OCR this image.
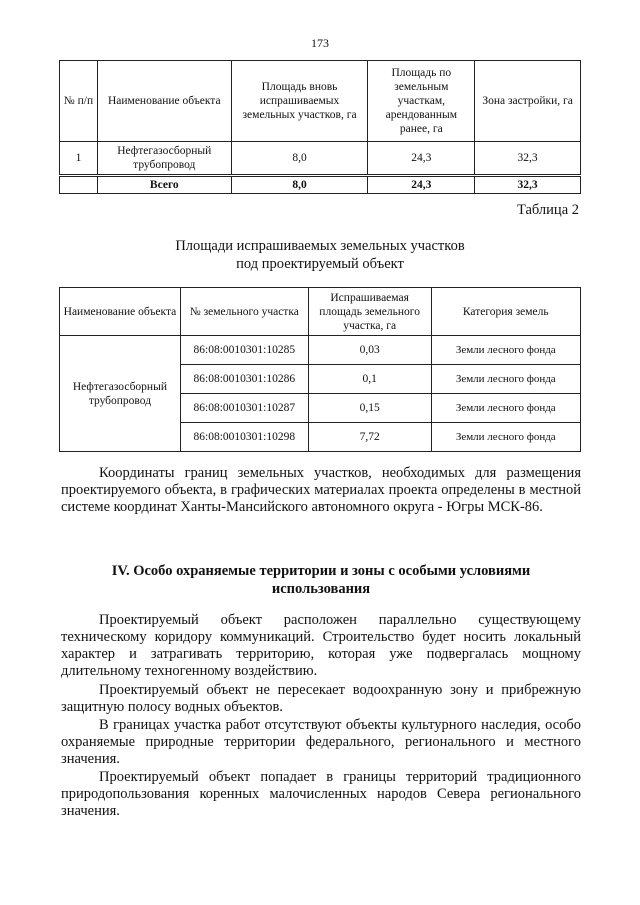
173
№ п/п	Наименование объекта	Площадь вновь испрашиваемых земельных участков, га	Площадь по земельным участкам, арендованным ранее, га	Зона застройки, га
1	Нефтегазосборный трубопровод	8,0	24,3	32,3
	Всего	8,0	24,3	32,3
Таблица 2
Площади испрашиваемых земельных участков
под проектируемый объект
Наименование объекта	№ земельного участка	Испрашиваемая площадь земельного участка, га	Категория земель
Нефтегазосборный трубопровод	86:08:0010301:10285	0,03	Земли лесного фонда
	86:08:0010301:10286	0,1	Земли лесного фонда
	86:08:0010301:10287	0,15	Земли лесного фонда
	86:08:0010301:10298	7,72	Земли лесного фонда

Координаты границ земельных участков, необходимых для размещения проектируемого объекта, в графических материалах проекта определены в местной системе координат Ханты-Мансийского автономного округа - Югры МСК-86.

IV. Особо охраняемые территории и зоны с особыми условиями
использования

Проектируемый объект расположен параллельно существующему техническому коридору коммуникаций. Строительство будет носить локальный характер и затрагивать территорию, которая уже подвергалась мощному длительному техногенному воздействию.

Проектируемый объект не пересекает водоохранную зону и прибрежную защитную полосу водных объектов.

В границах участка работ отсутствуют объекты культурного наследия, особо охраняемые природные территории федерального, регионального и местного значения.

Проектируемый объект попадает в границы территорий традиционного природопользования коренных малочисленных народов Севера регионального значения.
